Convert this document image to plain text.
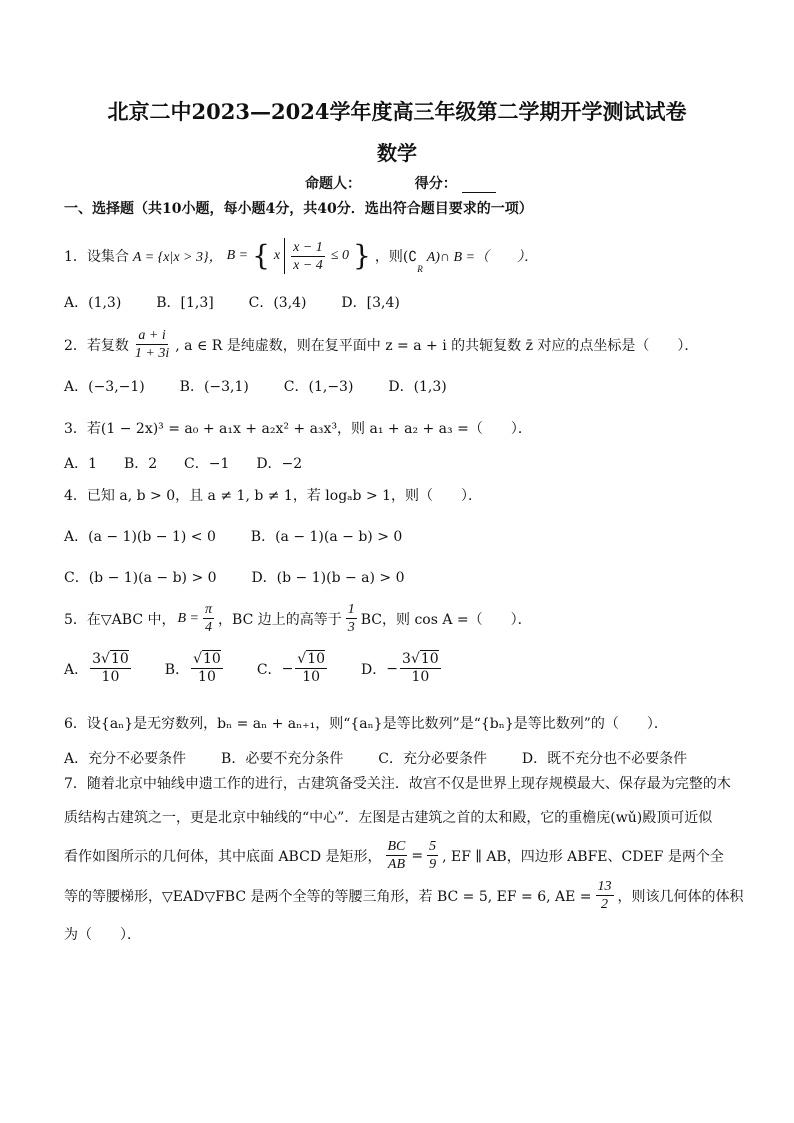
北京二中2023—2024学年度高三年级第二学期开学测试试卷
数学
命题人：	得分：
一、选择题（共10小题，每小题4分，共40分．选出符合题目要求的一项）
1．设集合 A = {x|x > 3}， B = { x $\frac{x - 1}{x - 4} \le 0$ } ，则(∁
R
A)∩ B =（　　）．
A．(1,3) B．[1,3] C．(3,4) D．[3,4)
2．若复数 $\frac{a + i}{1 + 3i}$ , a ∈ R 是纯虚数，则在复平面中 z = a + i 的共轭复数 z̄ 对应的点坐标是（　　）．
A．(−3,−1) B．(−3,1) C．(1,−3) D．(1,3)
3．若(1 − 2x)³ = a₀ + a₁x + a₂x² + a₃x³，则 a₁ + a₂ + a₃ =（　　）．
A．1 B．2 C．−1 D．−2
4．已知 a, b > 0，且 a ≠ 1, b ≠ 1，若 logₐb > 1，则（　　）．
A．(a − 1)(b − 1) < 0 B．(a − 1)(a − b) > 0
C．(b − 1)(a − b) > 0 D．(b − 1)(b − a) > 0
5．在▽ABC 中， $B = \frac{\pi}{4}$ ，BC 边上的高等于 $\frac{1}{3}$ BC，则 cos A =（　　）．
A． $\frac{3√10}{10}$ B． $\frac{√10}{10}$ C． − $\frac{√10}{10}$ D． − $\frac{3√10}{10}$
6．设{aₙ}是无穷数列，bₙ = aₙ + aₙ₊₁，则“{aₙ}是等比数列”是“{bₙ}是等比数列”的（　　）．
A．充分不必要条件 B．必要不充分条件 C．充分必要条件 D．既不充分也不必要条件
7．随着北京中轴线申遗工作的进行，古建筑备受关注．故宫不仅是世界上现存规模最大、保存最为完整的木
质结构古建筑之一，更是北京中轴线的“中心”．左图是古建筑之首的太和殿，它的重檐庑(wǔ)殿顶可近似
看作如图所示的几何体，其中底面 ABCD 是矩形， $\frac{BC}{AB} = \frac{5}{9}$ , EF ∥ AB，四边形 ABFE、CDEF 是两个全
等的等腰梯形，▽EAD▽FBC 是两个全等的等腰三角形，若 BC = 5, EF = 6, AE = $\frac{13}{2}$ ，则该几何体的体积
为（　　）．
